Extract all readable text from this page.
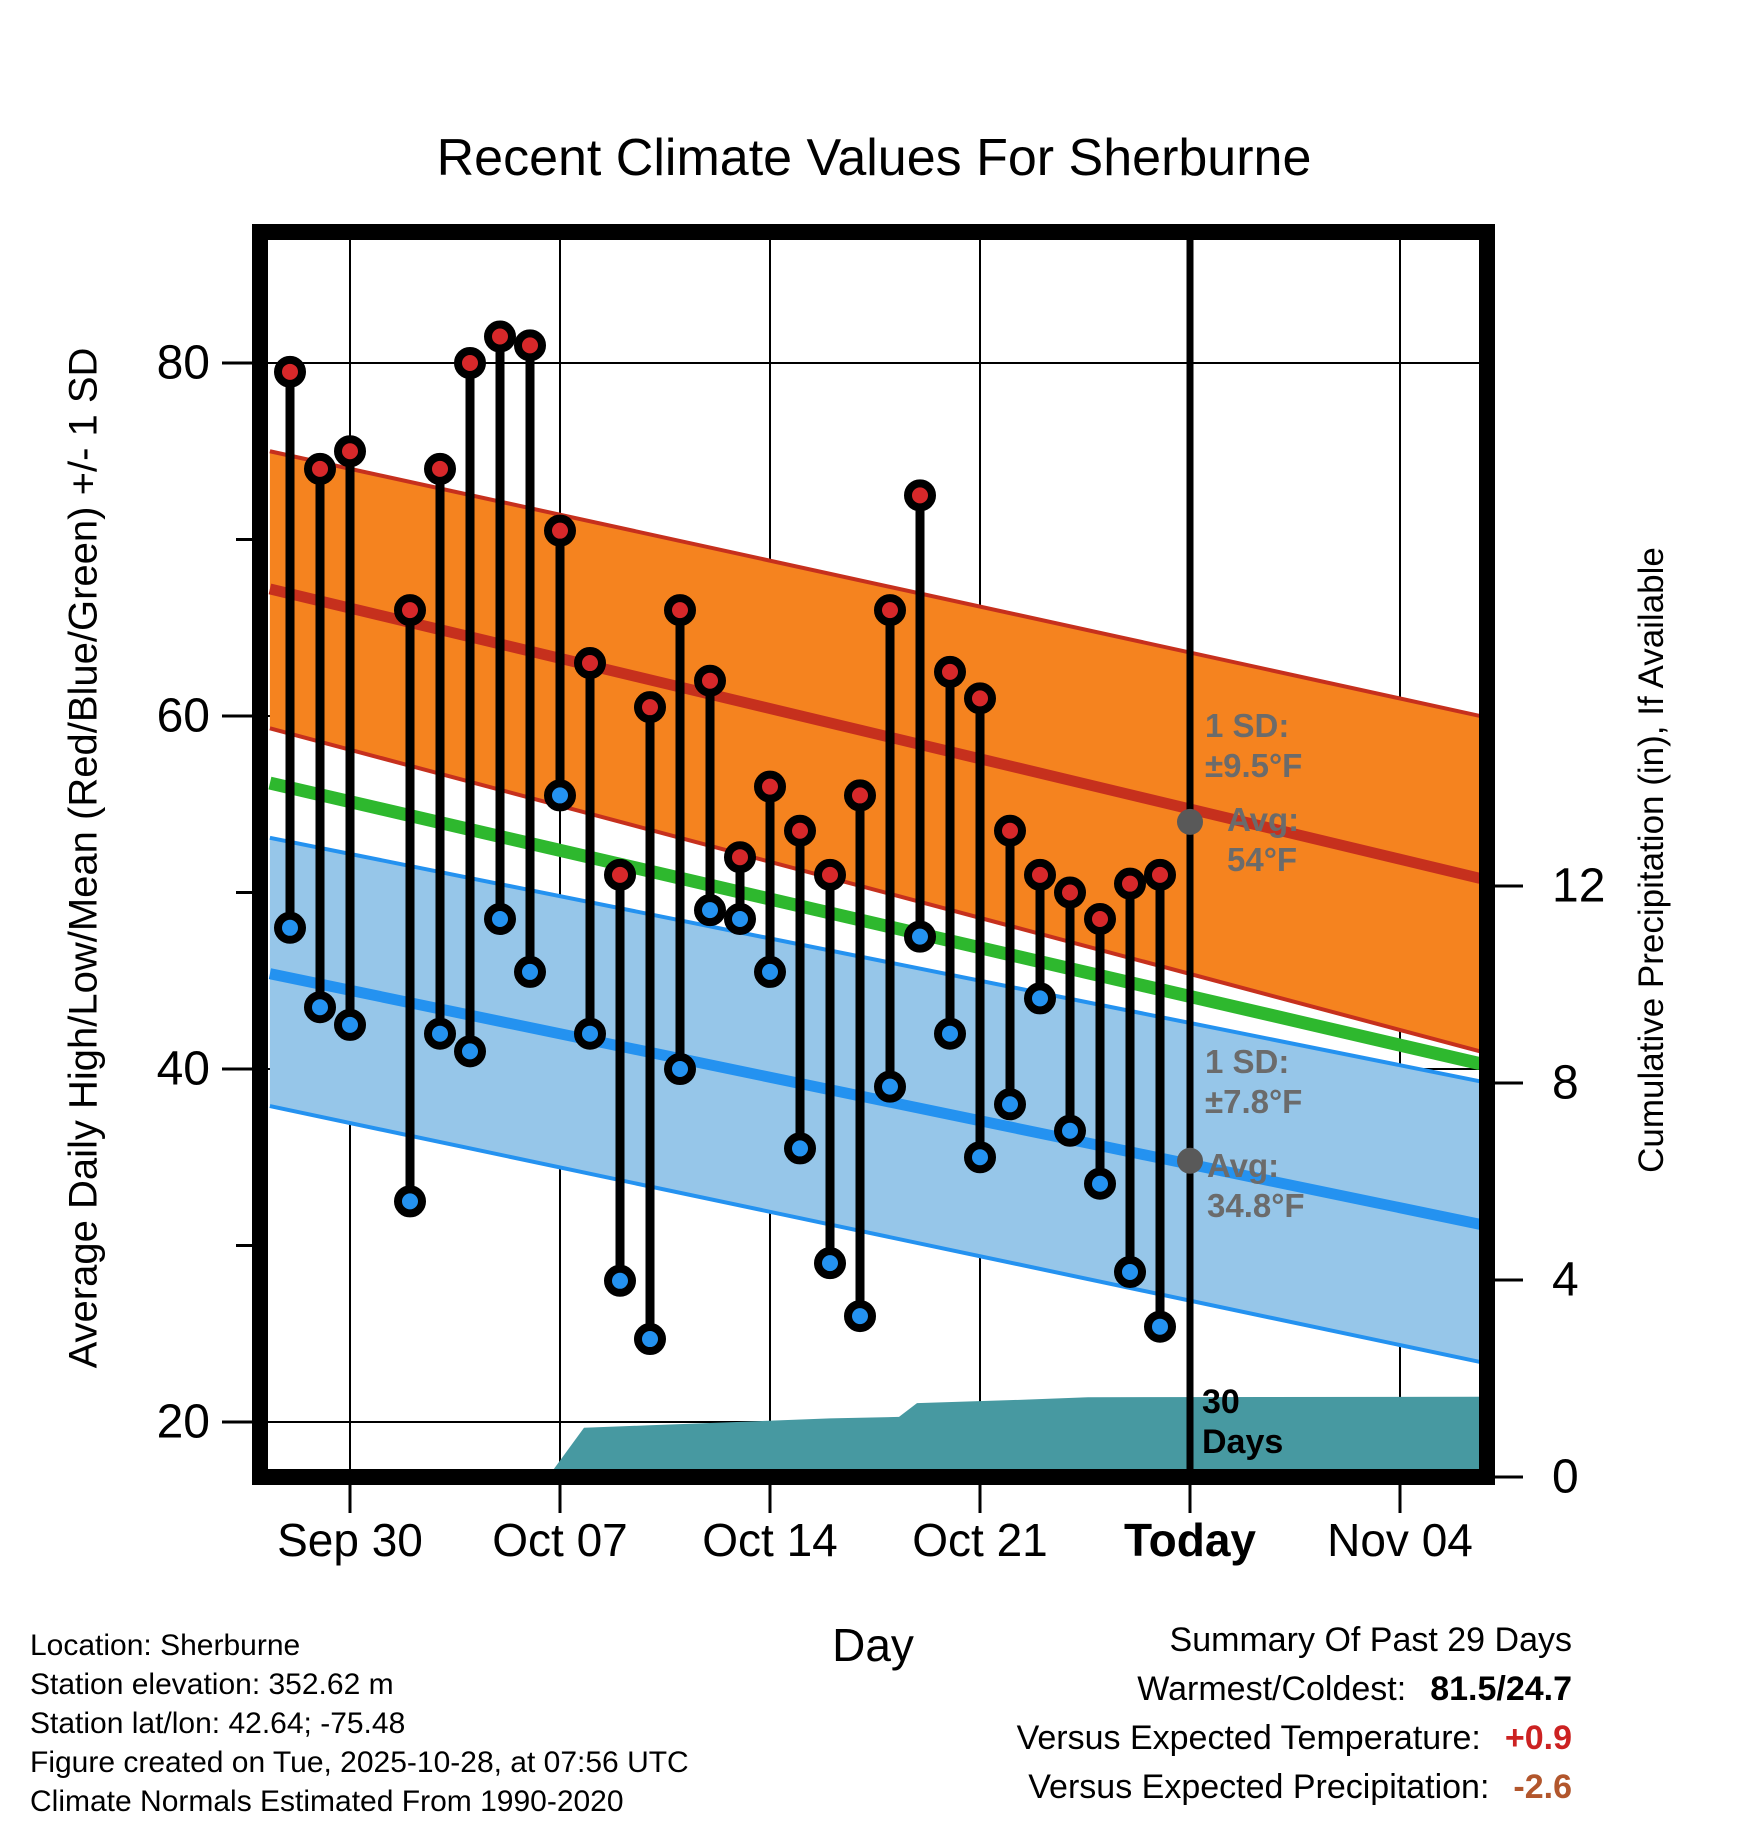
80
60
40
20
Sep 30 Oct 07 Oct 14 Oct 21 Today Nov 04
12
8
4
0
Recent Climate Values For Sherburne
Average Daily High/Low/Mean (Red/Blue/Green) +/- 1 SD	Cumulative Precipitation (in), If Available
Day
1 SD:
±9.5°F
Avg:
54°F
1 SD:
±7.8°F
Avg:
34.8°F
30
Days
Location: Sherburne
Station elevation: 352.62 m
Station lat/lon: 42.64; -75.48
Figure created on Tue, 2025-10-28, at 07:56 UTC
Climate Normals Estimated From 1990-2020
Summary Of Past 29 Days
Warmest/Coldest: 81.5/24.7
Versus Expected Temperature: +0.9
Versus Expected Precipitation: -2.6
